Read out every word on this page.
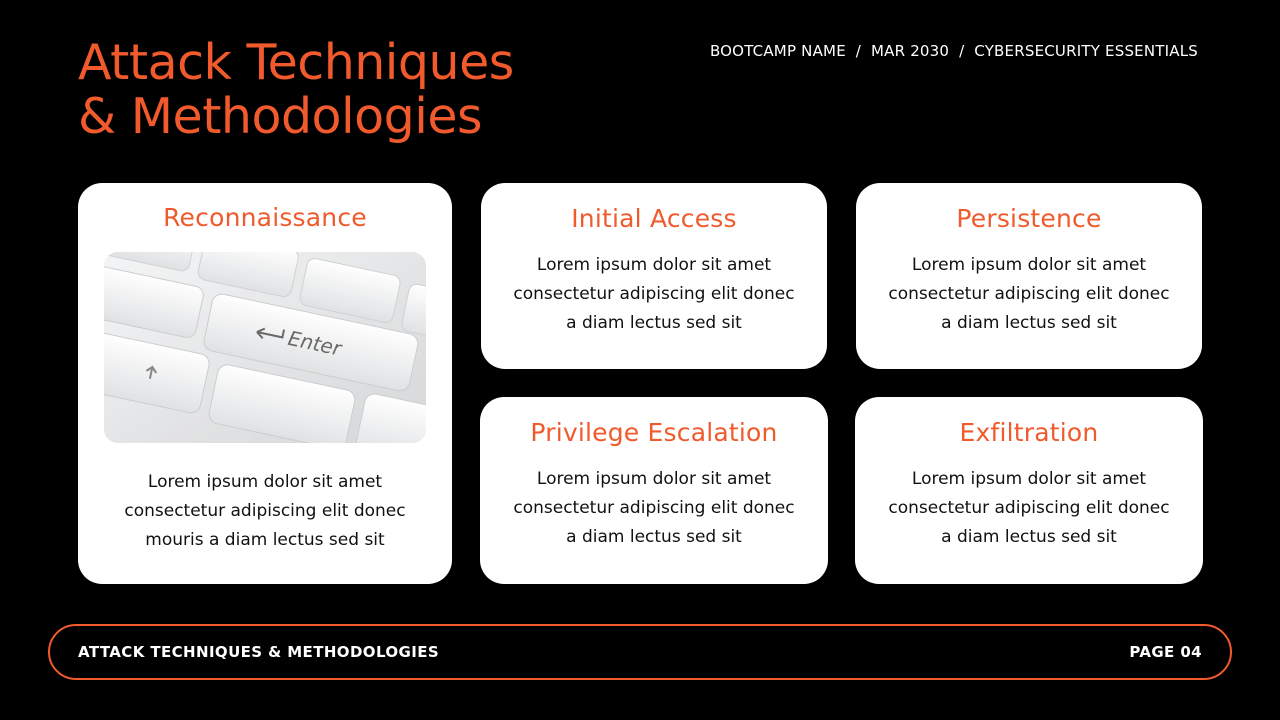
Attack Techniques
& Methodologies
BOOTCAMP NAME  /  MAR 2030  /  CYBERSECURITY ESSENTIALS
Reconnaissance
Enter

Lorem ipsum dolor sit amet
consectetur adipiscing elit donec
mouris a diam lectus sed sit

Initial Access

Lorem ipsum dolor sit amet
consectetur adipiscing elit donec
a diam lectus sed sit

Persistence

Lorem ipsum dolor sit amet
consectetur adipiscing elit donec
a diam lectus sed sit

Privilege Escalation

Lorem ipsum dolor sit amet
consectetur adipiscing elit donec
a diam lectus sed sit

Exfiltration

Lorem ipsum dolor sit amet
consectetur adipiscing elit donec
a diam lectus sed sit

ATTACK TECHNIQUES & METHODOLOGIES	PAGE 04
